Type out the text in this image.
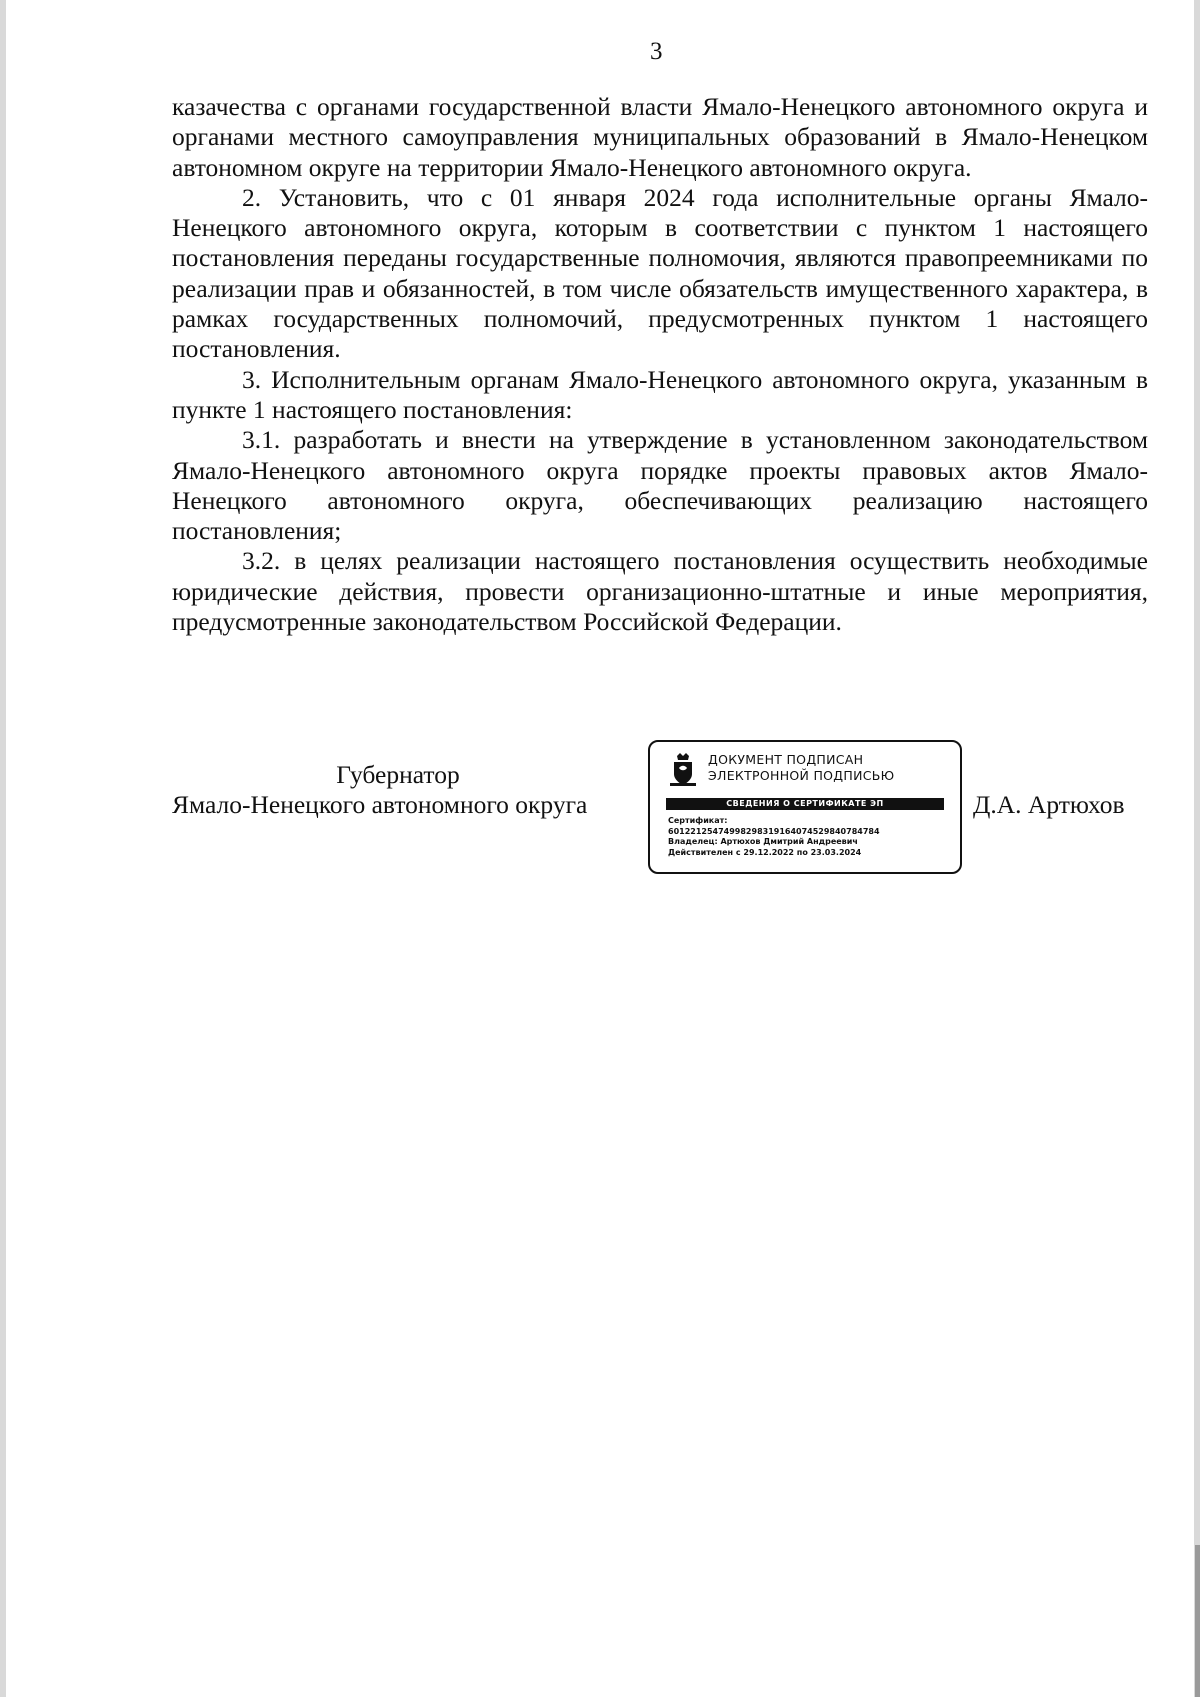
3

казачества с органами государственной власти Ямало-Ненецкого автономного округа и органами местного самоуправления муниципальных образований в Ямало-Ненецком автономном округе на территории Ямало-Ненецкого автономного округа.

2. Установить, что с 01 января 2024 года исполнительные органы Ямало-Ненецкого автономного округа, которым в соответствии с пунктом 1 настоящего постановления переданы государственные полномочия, являются правопреемниками по реализации прав и обязанностей, в том числе обязательств имущественного характера, в рамках государственных полномочий, предусмотренных пунктом 1 настоящего постановления.

3. Исполнительным органам Ямало-Ненецкого автономного округа, указанным в пункте 1 настоящего постановления:

3.1. разработать и внести на утверждение в установленном законодательством Ямало-Ненецкого автономного округа порядке проекты правовых актов Ямало-Ненецкого автономного округа, обеспечивающих реализацию настоящего постановления;

3.2. в целях реализации настоящего постановления осуществить необходимые юридические действия, провести организационно-штатные и иные мероприятия, предусмотренные законодательством Российской Федерации.

Губернатор
Ямало-Ненецкого автономного округа
ДОКУМЕНТ ПОДПИСАН
ЭЛЕКТРОННОЙ ПОДПИСЬЮ
СВЕДЕНИЯ О СЕРТИФИКАТЕ ЭП
Сертификат:
60122125474998298319164074529840784784
Владелец: Артюхов Дмитрий Андреевич
Действителен с 29.12.2022 по 23.03.2024
Д.А. Артюхов
